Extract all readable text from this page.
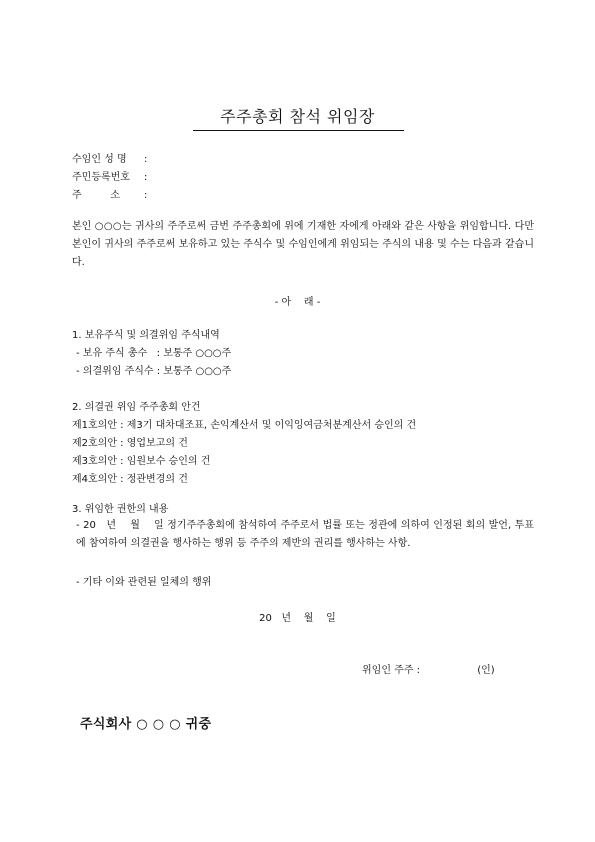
주주총회 참석 위임장
수임인 성 명 :
주민등록번호 :
주         소 :
본인 ○○○는 귀사의 주주로써 금번 주주총회에 위에 기재한 자에게 아래와 같은 사항을 위임합니다. 다만 본인이 귀사의 주주로써 보유하고 있는 주식수 및 수임인에게 위임되는 주식의 내용 및 수는 다음과 같습니다.
- 아    래 -
1. 보유주식 및 의결위임 주식내역
- 보유 주식 총수   : 보통주 ○○○주
- 의결위임 주식수 : 보통주 ○○○주
2. 의결권 위임 주주총회 안건
제1호의안 : 제3기 대차대조표, 손익계산서 및 이익잉여금처분계산서 승인의 건
제2호의안 : 영업보고의 건
제3호의안 : 임원보수 승인의 건
제4호의안 : 정관변경의 건
3. 위임한 권한의 내용
- 20   년    월    일 정기주주총회에 참석하여 주주로서 법률 또는 정관에 의하여 인정된 회의 발언, 투표에 참여하여 의결권을 행사하는 행위 등 주주의 제반의 권리를 행사하는 사항.
- 기타 이와 관련된 일체의 행위
20   년    월    일
위임인 주주 :                  (인)
주식회사 ○ ○ ○ 귀중
